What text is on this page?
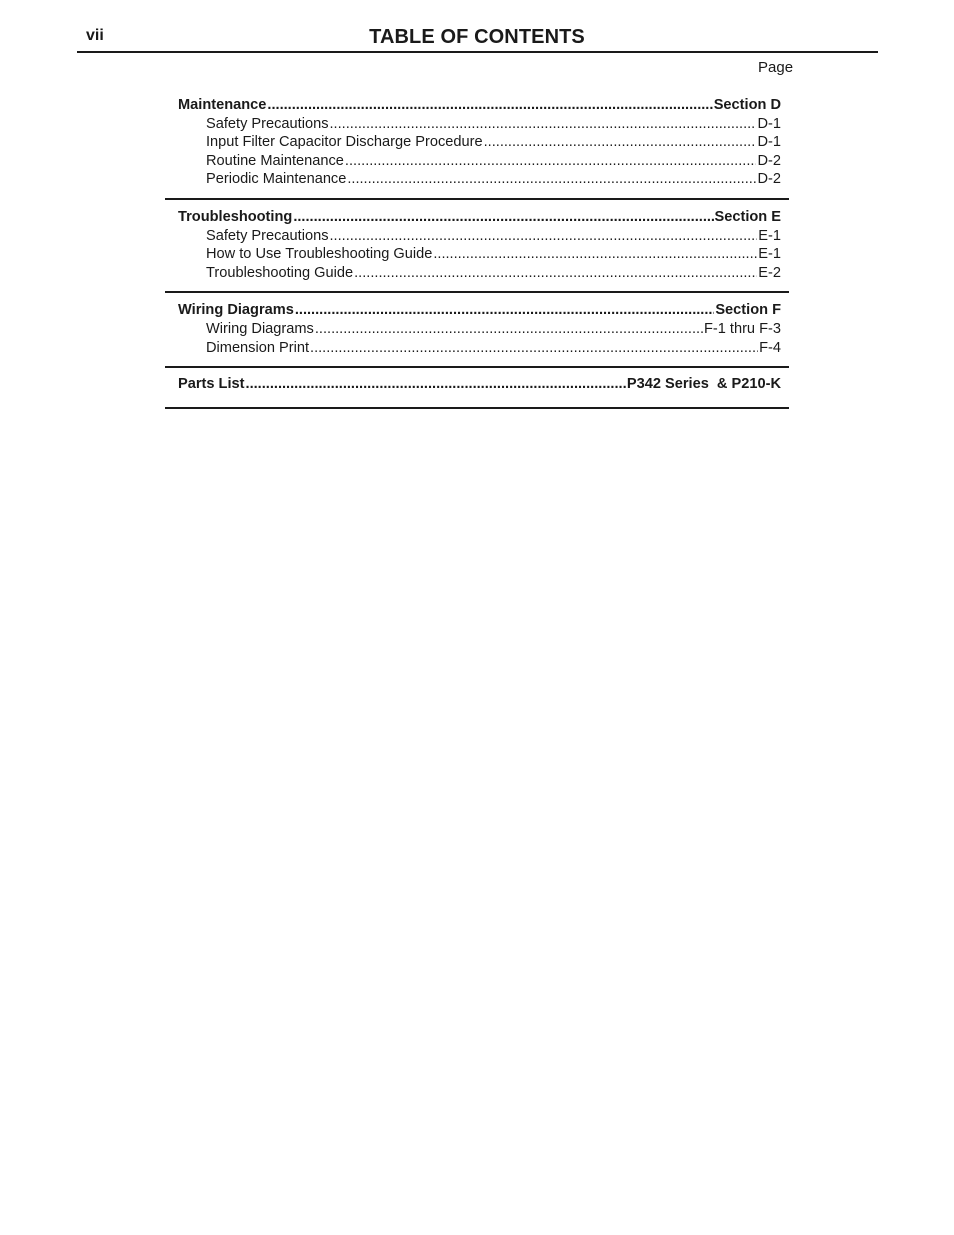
vii	TABLE OF CONTENTS
Page
Maintenance .....	Section D
Safety Precautions .....	D-1
Input Filter Capacitor Discharge Procedure .....	D-1
Routine Maintenance .....	D-2
Periodic Maintenance .....	D-2
Troubleshooting .....	Section E
Safety Precautions .....	E-1
How to Use Troubleshooting Guide .....	E-1
Troubleshooting Guide .....	E-2
Wiring Diagrams .....	Section F
Wiring Diagrams .....	F-1 thru F-3
Dimension Print .....	F-4
Parts List .....	P342 Series  & P210-K
